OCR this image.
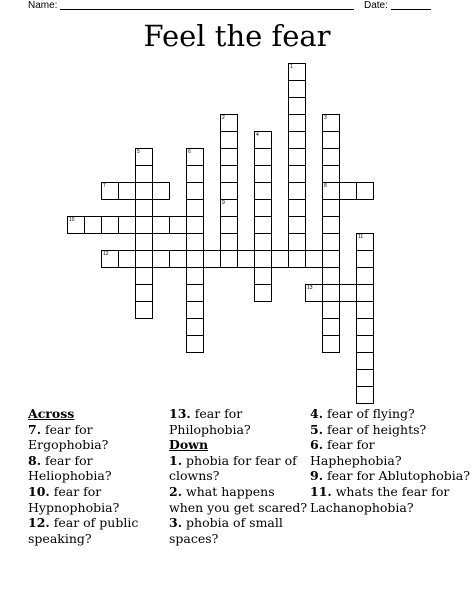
Name:	Date:
Feel the fear
1
2	3
4
5	6
7	8
9
10
11
12
13
Across
7. fear for Ergophobia?
8. fear for Heliophobia?
10. fear for Hypnophobia?
12. fear of public speaking?
13. fear for Philophobia?
Down
1. phobia for fear of clowns?
2. what happens when you get scared?
3. phobia of small spaces?
4. fear of flying?
5. fear of heights?
6. fear for Haphephobia?
9. fear for Ablutophobia?
11. whats the fear for Lachanophobia?
